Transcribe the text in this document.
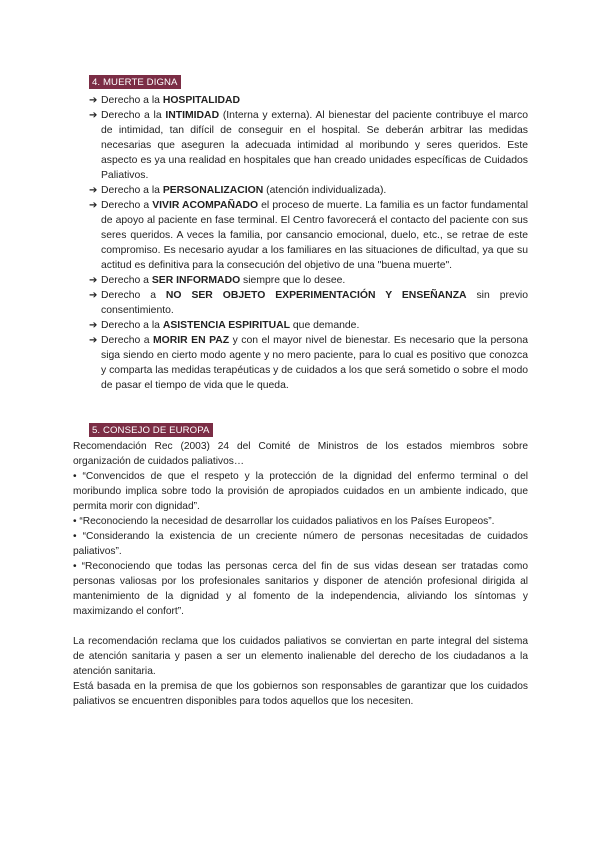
4. MUERTE DIGNA
➔ Derecho a la HOSPITALIDAD
➔ Derecho a la INTIMIDAD (Interna y externa). Al bienestar del paciente contribuye el marco de intimidad, tan difícil de conseguir en el hospital. Se deberán arbitrar las medidas necesarias que aseguren la adecuada intimidad al moribundo y seres queridos. Este aspecto es ya una realidad en hospitales que han creado unidades específicas de Cuidados Paliativos.
➔ Derecho a la PERSONALIZACION (atención individualizada).
➔ Derecho a VIVIR ACOMPAÑADO el proceso de muerte. La familia es un factor fundamental de apoyo al paciente en fase terminal. El Centro favorecerá el contacto del paciente con sus seres queridos. A veces la familia, por cansancio emocional, duelo, etc., se retrae de este compromiso. Es necesario ayudar a los familiares en las situaciones de dificultad, ya que su actitud es definitiva para la consecución del objetivo de una "buena muerte".
➔ Derecho a SER INFORMADO siempre que lo desee.
➔ Derecho a NO SER OBJETO EXPERIMENTACIÓN Y ENSEÑANZA sin previo consentimiento.
➔ Derecho a la ASISTENCIA ESPIRITUAL que demande.
➔ Derecho a MORIR EN PAZ y con el mayor nivel de bienestar. Es necesario que la persona siga siendo en cierto modo agente y no mero paciente, para lo cual es positivo que conozca y comparta las medidas terapéuticas y de cuidados a los que será sometido o sobre el modo de pasar el tiempo de vida que le queda.
5. CONSEJO DE EUROPA

Recomendación Rec (2003) 24 del Comité de Ministros de los estados miembros sobre organización de cuidados paliativos…

• “Convencidos de que el respeto y la protección de la dignidad del enfermo terminal o del moribundo implica sobre todo la provisión de apropiados cuidados en un ambiente indicado, que permita morir con dignidad”.

• “Reconociendo la necesidad de desarrollar los cuidados paliativos en los Países Europeos”.

• “Considerando la existencia de un creciente número de personas necesitadas de cuidados paliativos”.

• “Reconociendo que todas las personas cerca del fin de sus vidas desean ser tratadas como personas valiosas por los profesionales sanitarios y disponer de atención profesional dirigida al mantenimiento de la dignidad y al fomento de la independencia, aliviando los síntomas y maximizando el confort”.

La recomendación reclama que los cuidados paliativos se conviertan en parte integral del sistema de atención sanitaria y pasen a ser un elemento inalienable del derecho de los ciudadanos a la atención sanitaria.

Está basada en la premisa de que los gobiernos son responsables de garantizar que los cuidados paliativos se encuentren disponibles para todos aquellos que los necesiten.
